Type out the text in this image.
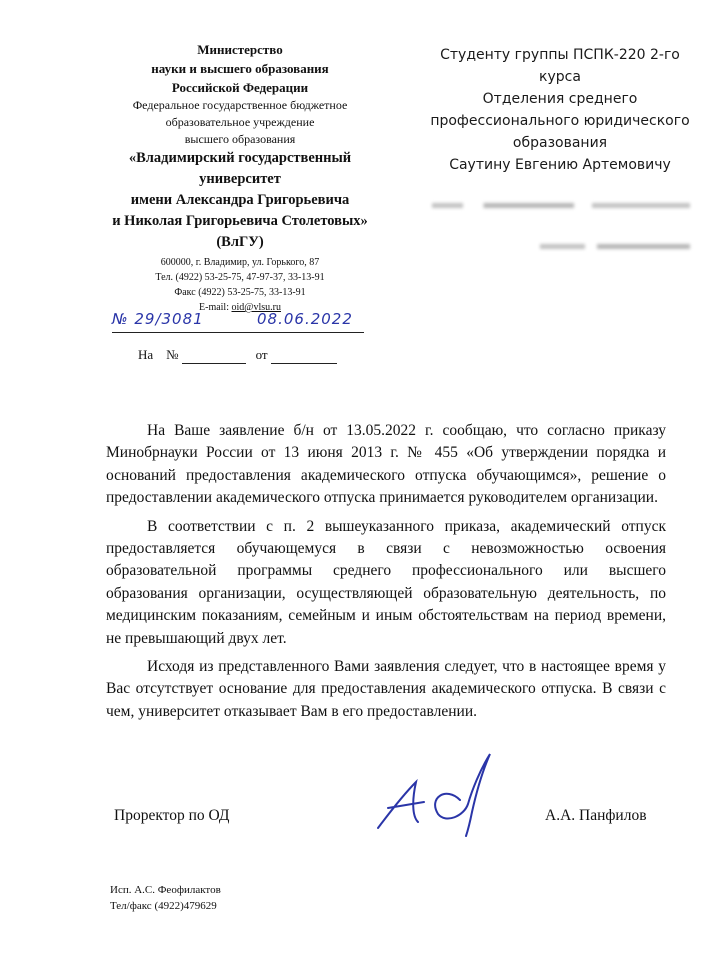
Министерство
науки и высшего образования
Российской Федерации
Федеральное государственное бюджетное
образовательное учреждение
высшего образования
«Владимирский государственный
университет
имени Александра Григорьевича
и Николая Григорьевича Столетовых»
(ВлГУ)
600000, г. Владимир, ул. Горького, 87
Тел. (4922) 53-25-75, 47-97-37, 33-13-91
Факс (4922) 53-25-75, 33-13-91
E-mail: oid@vlsu.ru
№ 29/3081	08.06.2022
На №	от
Студенту группы ПСПК-220 2-го
курса
Отделения среднего
профессионального юридического
образования
Саутину Евгению Артемовичу

На Ваше заявление б/н от 13.05.2022 г. сообщаю, что согласно приказу Минобрнауки России от 13 июня 2013 г. № 455 «Об утверждении порядка и оснований предоставления академического отпуска обучающимся», решение о предоставлении академического отпуска принимается руководителем организации.

В соответствии с п. 2 вышеуказанного приказа, академический отпуск предоставляется обучающемуся в связи с невозможностью освоения образовательной программы среднего профессионального или высшего образования организации, осуществляющей образовательную деятельность, по медицинским показаниям, семейным и иным обстоятельствам на период времени, не превышающий двух лет.

Исходя из представленного Вами заявления следует, что в настоящее время у Вас отсутствует основание для предоставления академического отпуска. В связи с чем, университет отказывает Вам в его предоставлении.

Проректор по ОД	А.А. Панфилов
Исп. А.С. Феофилактов
Тел/факс (4922)479629
